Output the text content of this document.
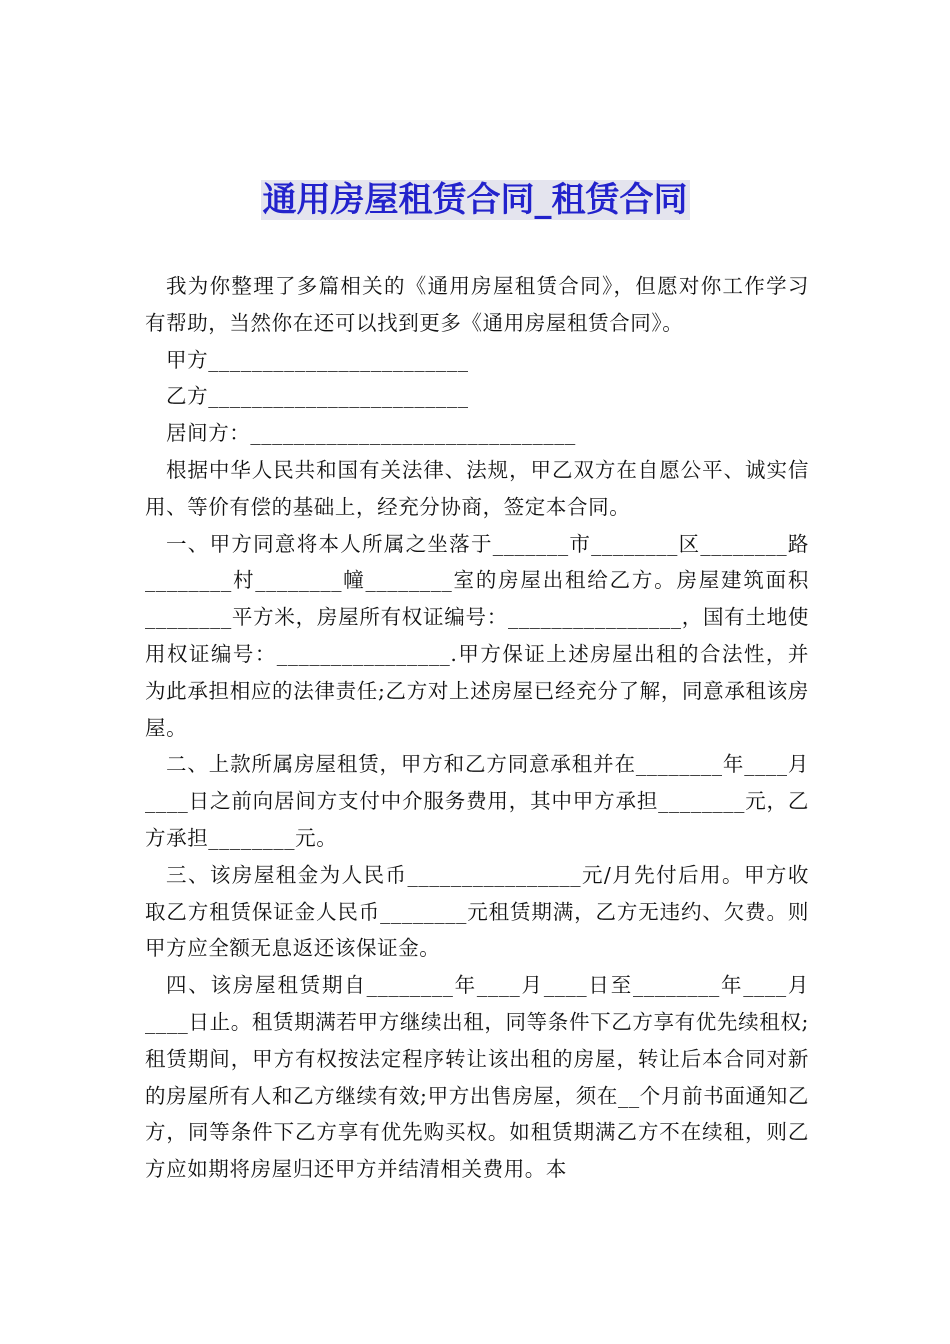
通用房屋租赁合同_租赁合同

我为你整理了多篇相关的《通用房屋租赁合同》，但愿对你工作学习有帮助，当然你在还可以找到更多《通用房屋租赁合同》。

甲方________________________

乙方________________________

居间方：______________________________

根据中华人民共和国有关法律、法规，甲乙双方在自愿公平、诚实信用、等价有偿的基础上，经充分协商，签定本合同。

一、甲方同意将本人所属之坐落于_______市________区________路________村________幢________室的房屋出租给乙方。房屋建筑面积________平方米，房屋所有权证编号：________________，国有土地使用权证编号：________________.甲方保证上述房屋出租的合法性，并为此承担相应的法律责任;乙方对上述房屋已经充分了解，同意承租该房屋。

二、上款所属房屋租赁，甲方和乙方同意承租并在________年____月____日之前向居间方支付中介服务费用，其中甲方承担________元，乙方承担________元。

三、该房屋租金为人民币________________元/月先付后用。甲方收取乙方租赁保证金人民币________元租赁期满，乙方无违约、欠费。则甲方应全额无息返还该保证金。

四、该房屋租赁期自________年____月____日至________年____月____日止。租赁期满若甲方继续出租，同等条件下乙方享有优先续租权;租赁期间，甲方有权按法定程序转让该出租的房屋，转让后本合同对新的房屋所有人和乙方继续有效;甲方出售房屋，须在__个月前书面通知乙方，同等条件下乙方享有优先购买权。如租赁期满乙方不在续租，则乙方应如期将房屋归还甲方并结清相关费用。本
